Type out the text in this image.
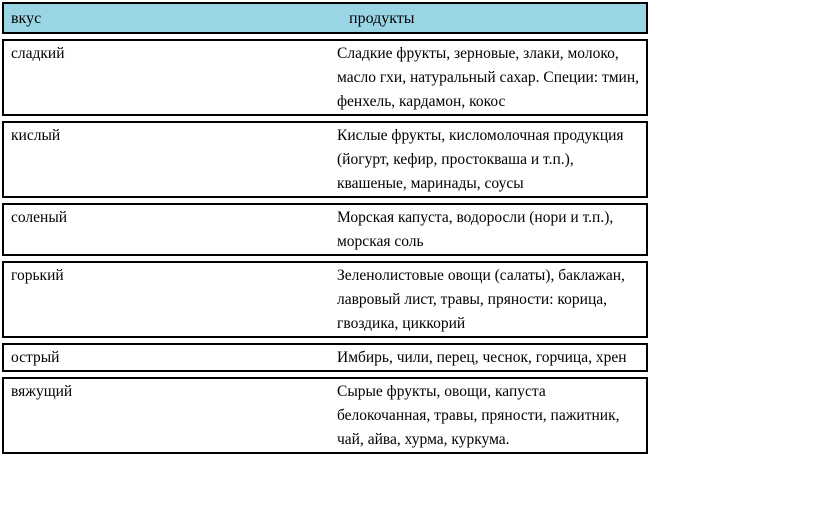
вкус	продукты
сладкий	Сладкие фрукты, зерновые, злаки, молоко, масло гхи, натуральный сахар. Специи: тмин, фенхель, кардамон, кокос
кислый	Кислые фрукты, кисломолочная продукция (йогурт, кефир, простокваша и т.п.), квашеные, маринады, соусы
соленый	Морская капуста, водоросли (нори и т.п.), морская соль
горький	Зеленолистовые овощи (салаты), баклажан, лавровый лист, травы, пряности: корица, гвоздика, циккорий
острый	Имбирь, чили, перец, чеснок, горчица, хрен
вяжущий	Сырые фрукты, овощи, капуста белокочанная, травы, пряности, пажитник, чай, айва, хурма, куркума.
